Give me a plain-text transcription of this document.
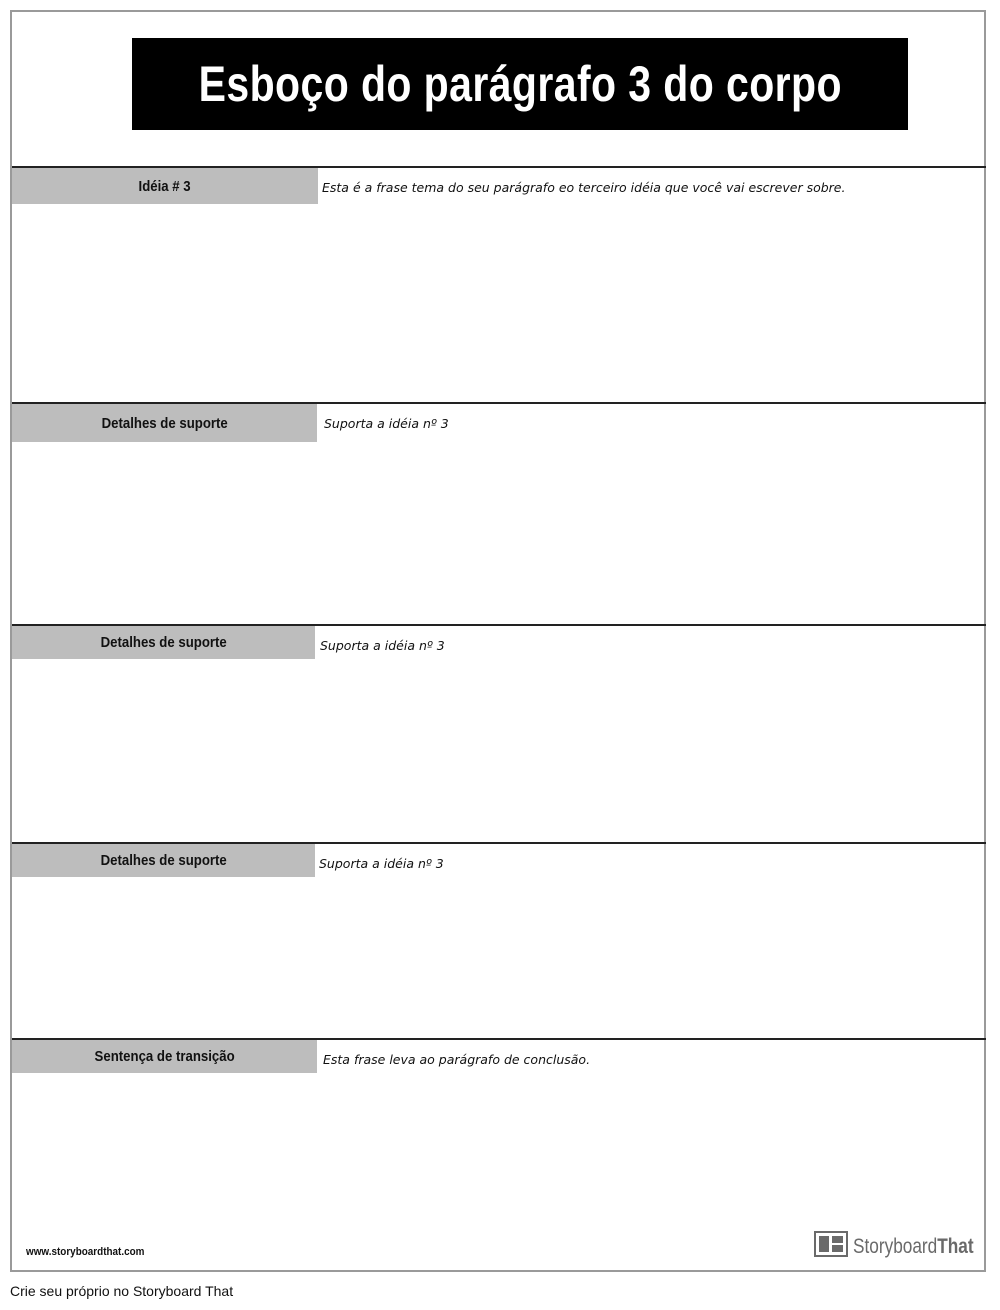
Esboço do parágrafo 3 do corpo
Idéia # 3	Esta é a frase tema do seu parágrafo eo terceiro idéia que você vai escrever sobre.
Detalhes de suporte	Suporta a idéia nº 3
Detalhes de suporte	Suporta a idéia nº 3
Detalhes de suporte	Suporta a idéia nº 3
Sentença de transição	Esta frase leva ao parágrafo de conclusão.
www.storyboardthat.com	StoryboardThat
Crie seu próprio no Storyboard That
